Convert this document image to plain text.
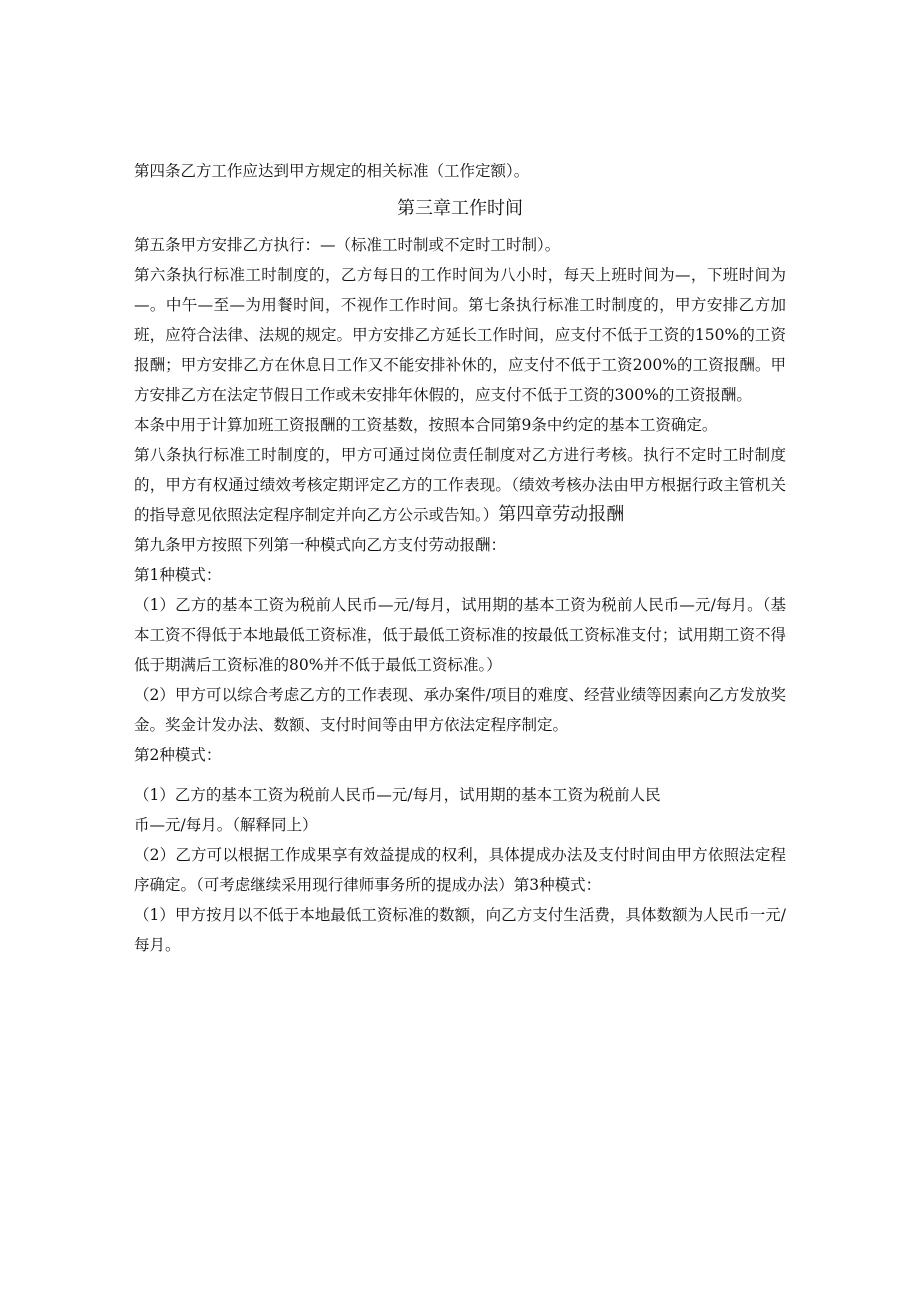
第四条乙方工作应达到甲方规定的相关标准（工作定额）。

第三章工作时间

第五条甲方安排乙方执行：—（标准工时制或不定时工时制）。

第六条执行标准工时制度的，乙方每日的工作时间为八小时，每天上班时间为—，下班时间为—。中午—至—为用餐时间，不视作工作时间。第七条执行标准工时制度的，甲方安排乙方加班，应符合法律、法规的规定。甲方安排乙方延长工作时间，应支付不低于工资的150%的工资报酬；甲方安排乙方在休息日工作又不能安排补休的，应支付不低于工资200%的工资报酬。甲方安排乙方在法定节假日工作或未安排年休假的，应支付不低于工资的300%的工资报酬。

本条中用于计算加班工资报酬的工资基数，按照本合同第9条中约定的基本工资确定。

第八条执行标准工时制度的，甲方可通过岗位责任制度对乙方进行考核。执行不定时工时制度的，甲方有权通过绩效考核定期评定乙方的工作表现。（绩效考核办法由甲方根据行政主管机关的指导意见依照法定程序制定并向乙方公示或告知。）第四章劳动报酬

第九条甲方按照下列第一种模式向乙方支付劳动报酬：

第1种模式：

（1）乙方的基本工资为税前人民币—元/每月，试用期的基本工资为税前人民币—元/每月。（基本工资不得低于本地最低工资标准，低于最低工资标准的按最低工资标准支付；试用期工资不得低于期满后工资标准的80%并不低于最低工资标准。）

（2）甲方可以综合考虑乙方的工作表现、承办案件/项目的难度、经营业绩等因素向乙方发放奖金。奖金计发办法、数额、支付时间等由甲方依法定程序制定。

第2种模式：

（1）乙方的基本工资为税前人民币—元/每月，试用期的基本工资为税前人民

币—元/每月。（解释同上）

（2）乙方可以根据工作成果享有效益提成的权利，具体提成办法及支付时间由甲方依照法定程序确定。（可考虑继续采用现行律师事务所的提成办法）第3种模式：

（1）甲方按月以不低于本地最低工资标准的数额，向乙方支付生活费，具体数额为人民币一元/每月。
